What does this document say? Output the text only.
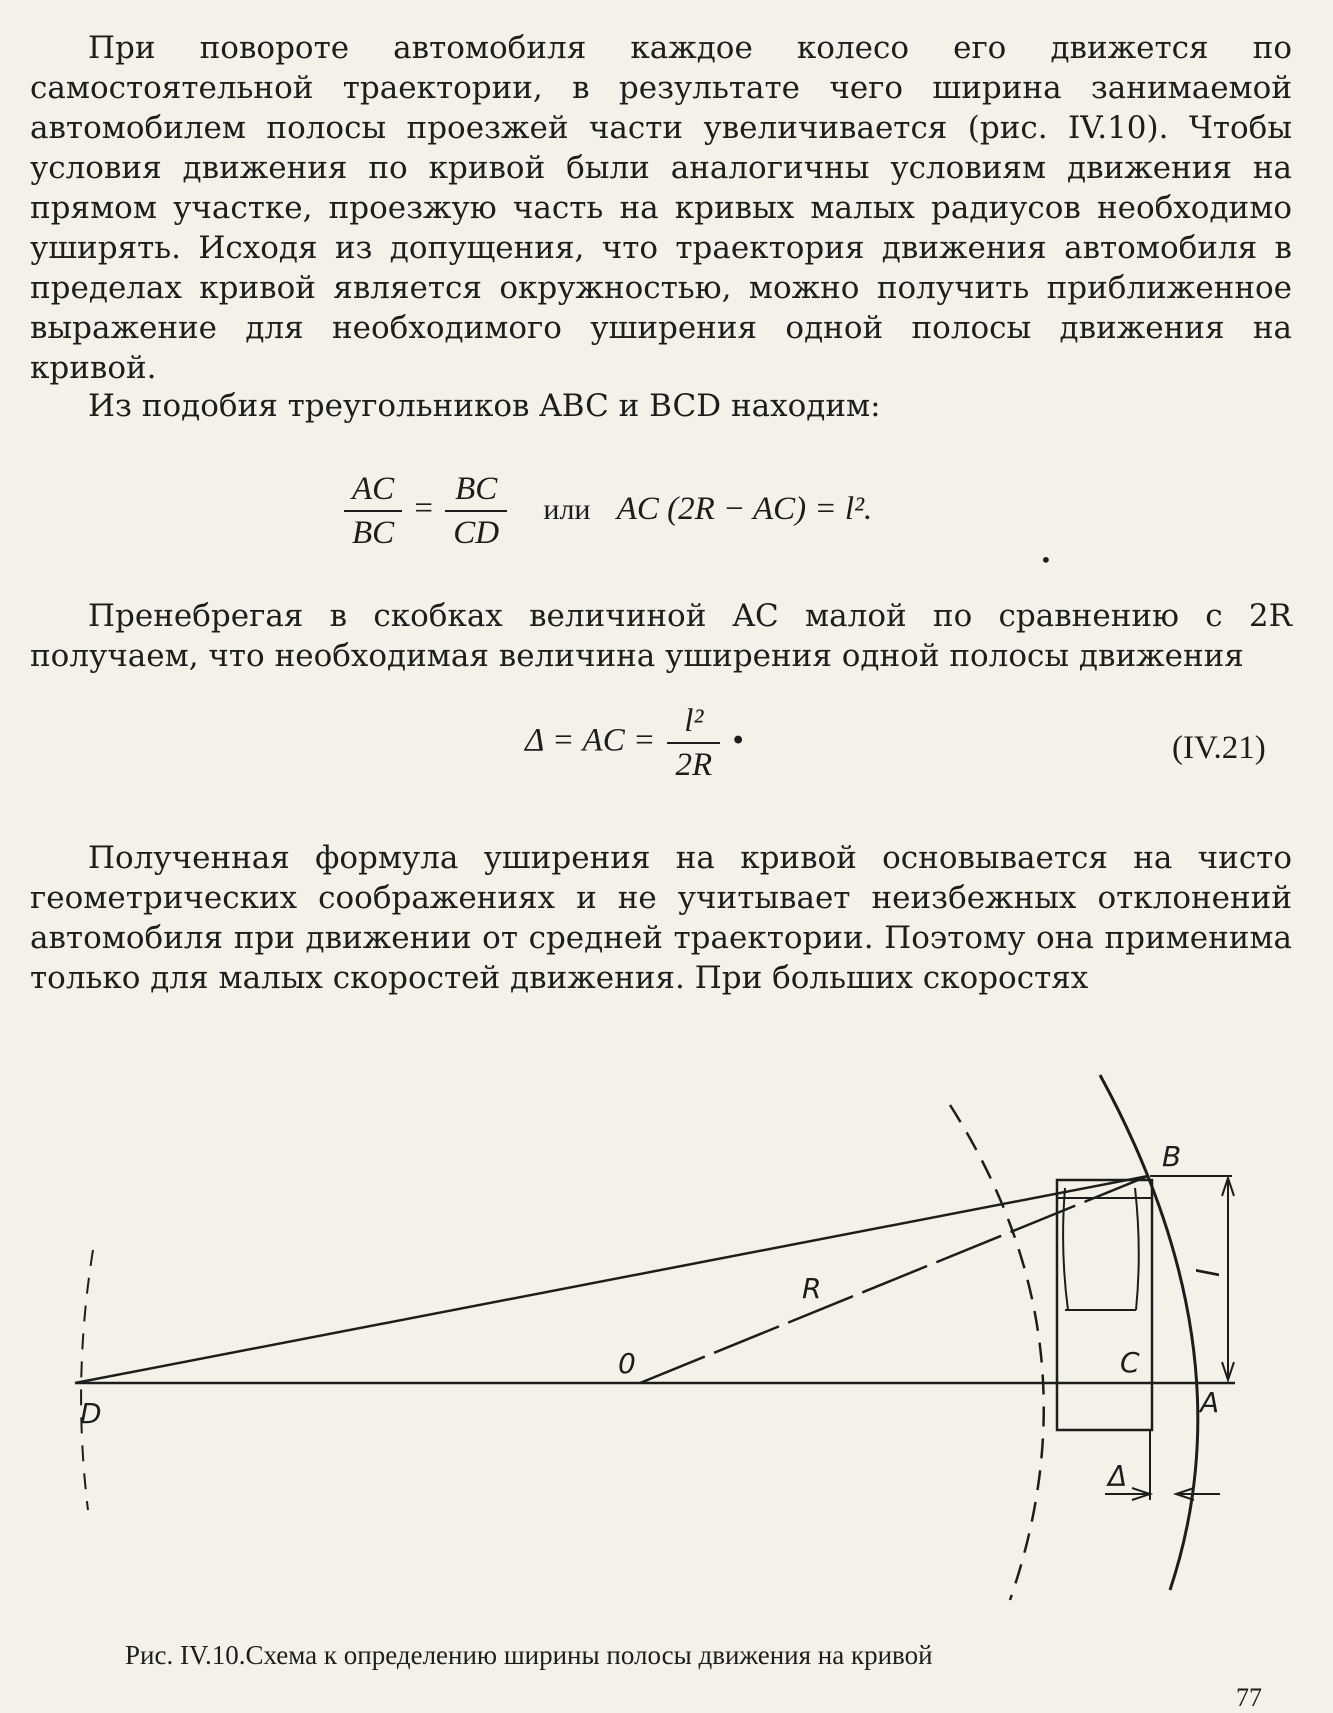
При повороте автомобиля каждое колесо его движется по самостоятельной траектории, в результате чего ширина занимаемой автомобилем полосы проезжей части увеличивается (рис. IV.10). Чтобы условия движения по кривой были аналогичны условиям движения на прямом участке, проезжую часть на кривых малых радиусов необходимо уширять. Исходя из допущения, что траектория движения автомобиля в пределах кривой является окружностью, можно получить приближенное выражение для необходимого уширения одной полосы движения на кривой.

Из подобия треугольников ABC и BCD находим:

$\frac{AC}{BC} = \frac{BC}{CD}$ или AC (2R − AC) = l².
•

Пренебрегая в скобках величиной AC малой по сравнению с 2R получаем, что необходимая величина уширения одной полосы движения

Δ = AC = $\frac{\text{l²}}{2R}$ •	(IV.21)

Полученная формула уширения на кривой основывается на чисто геометрических соображениях и не учитывает неизбежных отклонений автомобиля при движении от средней траектории. Поэтому она применима только для малых скоростей движения. При больших скоростях

D
0
R
B
C
A
l
Δ
Рис. IV.10.Схема к определению ширины полосы движения на кривой
77
